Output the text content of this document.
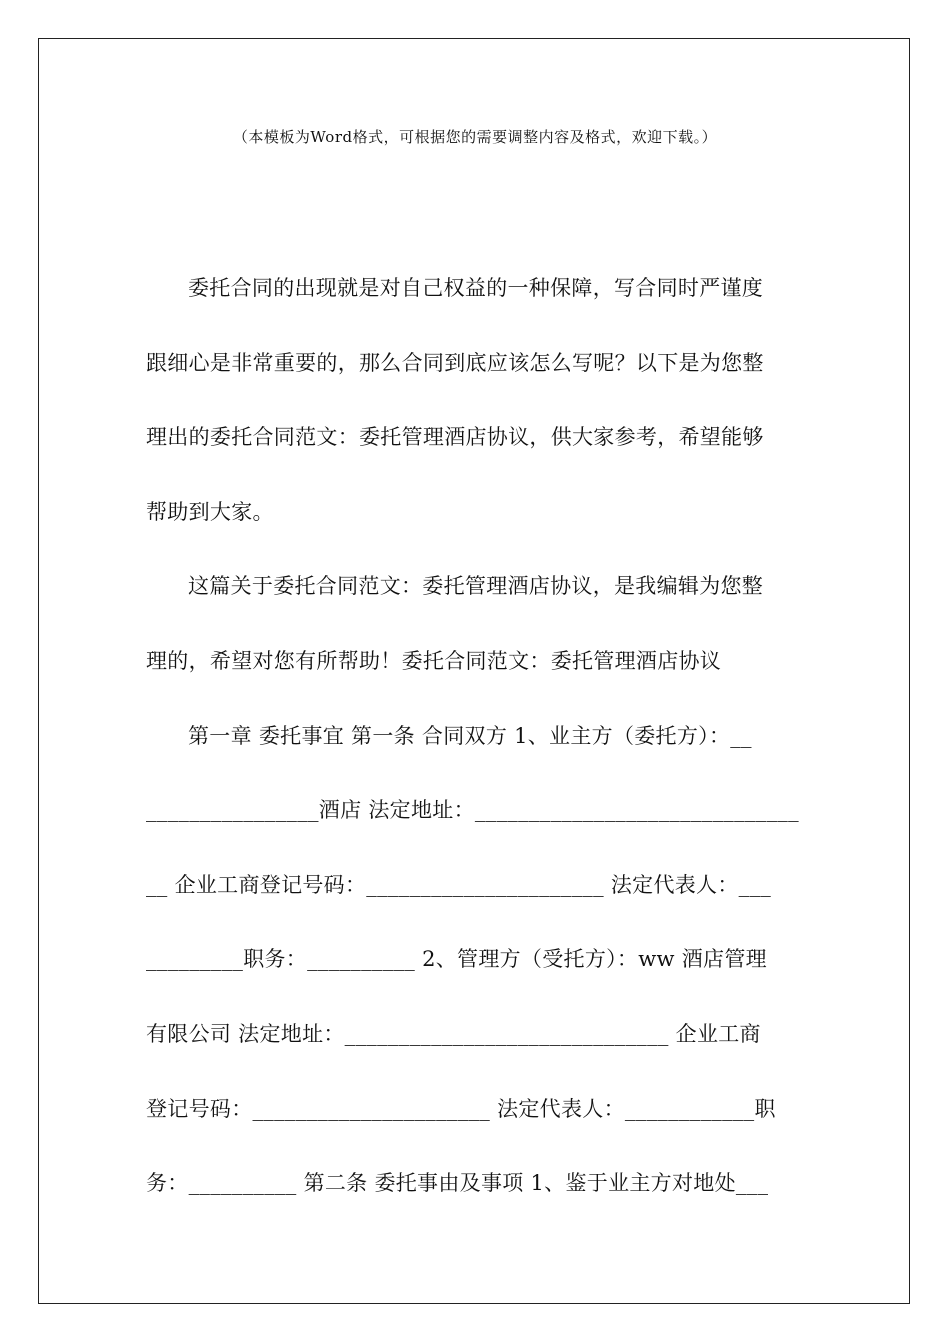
（本模板为Word格式，可根据您的需要调整内容及格式，欢迎下载。）
委托合同的出现就是对自己权益的一种保障，写合同时严谨度
跟细心是非常重要的，那么合同到底应该怎么写呢？以下是为您整
理出的委托合同范文：委托管理酒店协议，供大家参考，希望能够
帮助到大家。
这篇关于委托合同范文：委托管理酒店协议，是我编辑为您整
理的，希望对您有所帮助！委托合同范文：委托管理酒店协议
第一章 委托事宜 第一条 合同双方 1、业主方（委托方）：__
________________酒店 法定地址：______________________________
__ 企业工商登记号码：______________________ 法定代表人：___
_________职务：__________ 2、管理方（受托方）：ww 酒店管理
有限公司 法定地址：______________________________ 企业工商
登记号码：______________________ 法定代表人：____________职
务：__________ 第二条 委托事由及事项 1、鉴于业主方对地处___
